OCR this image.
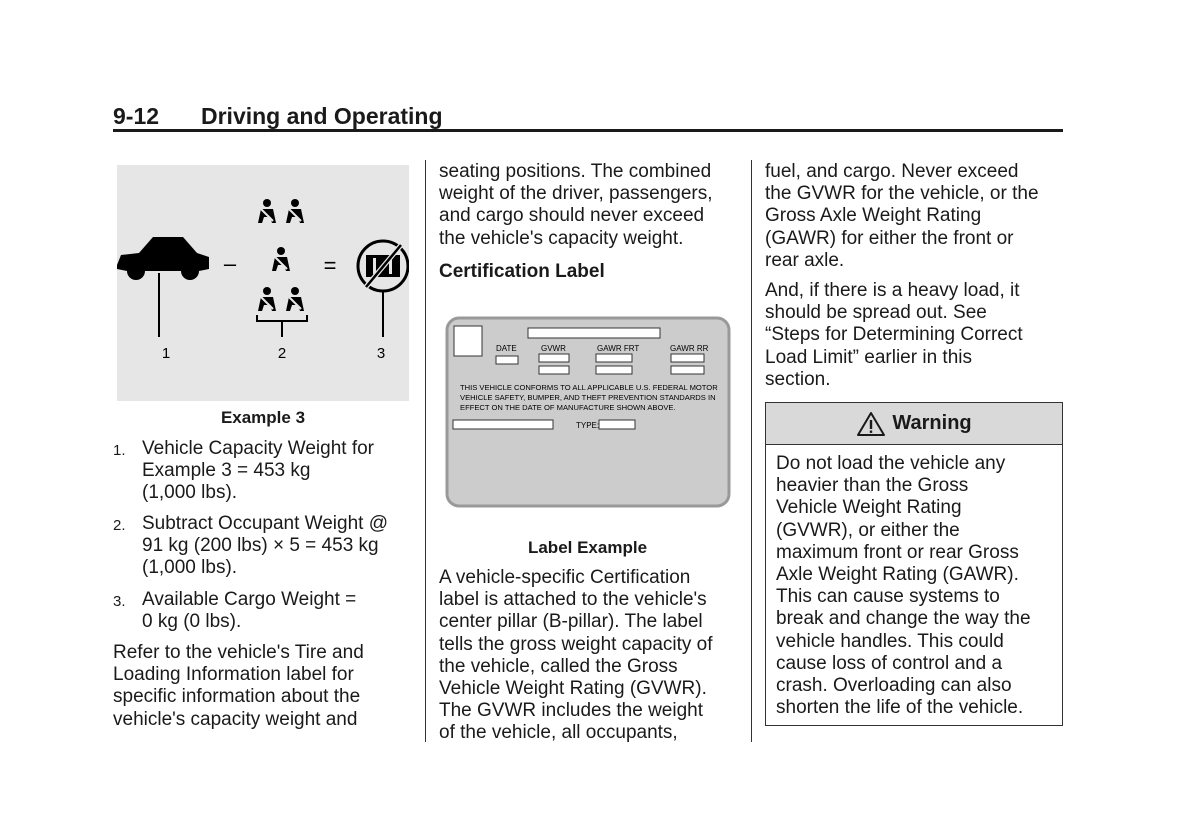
9-12 Driving and Operating
1
–
2
=
3
Example 3
1. Vehicle Capacity Weight for
Example 3 = 453 kg
(1,000 lbs).
2. Subtract Occupant Weight @
91 kg (200 lbs) × 5 = 453 kg
(1,000 lbs).
3. Available Cargo Weight =
0 kg (0 lbs).
Refer to the vehicle's Tire and
Loading Information label for
specific information about the
vehicle's capacity weight and
seating positions. The combined
weight of the driver, passengers,
and cargo should never exceed
the vehicle's capacity weight.
Certification Label
DATE	GVWR	GAWR FRT	GAWR RR
THIS VEHICLE CONFORMS TO ALL APPLICABLE U.S. FEDERAL MOTOR
VEHICLE SAFETY, BUMPER, AND THEFT PREVENTION STANDARDS IN
EFFECT ON THE DATE OF MANUFACTURE SHOWN ABOVE.
TYPE:
Label Example
A vehicle-specific Certification
label is attached to the vehicle's
center pillar (B-pillar). The label
tells the gross weight capacity of
the vehicle, called the Gross
Vehicle Weight Rating (GVWR).
The GVWR includes the weight
of the vehicle, all occupants,
fuel, and cargo. Never exceed
the GVWR for the vehicle, or the
Gross Axle Weight Rating
(GAWR) for either the front or
rear axle.
And, if there is a heavy load, it
should be spread out. See
“Steps for Determining Correct
Load Limit” earlier in this
section.
Warning
Do not load the vehicle any
heavier than the Gross
Vehicle Weight Rating
(GVWR), or either the
maximum front or rear Gross
Axle Weight Rating (GAWR).
This can cause systems to
break and change the way the
vehicle handles. This could
cause loss of control and a
crash. Overloading can also
shorten the life of the vehicle.
